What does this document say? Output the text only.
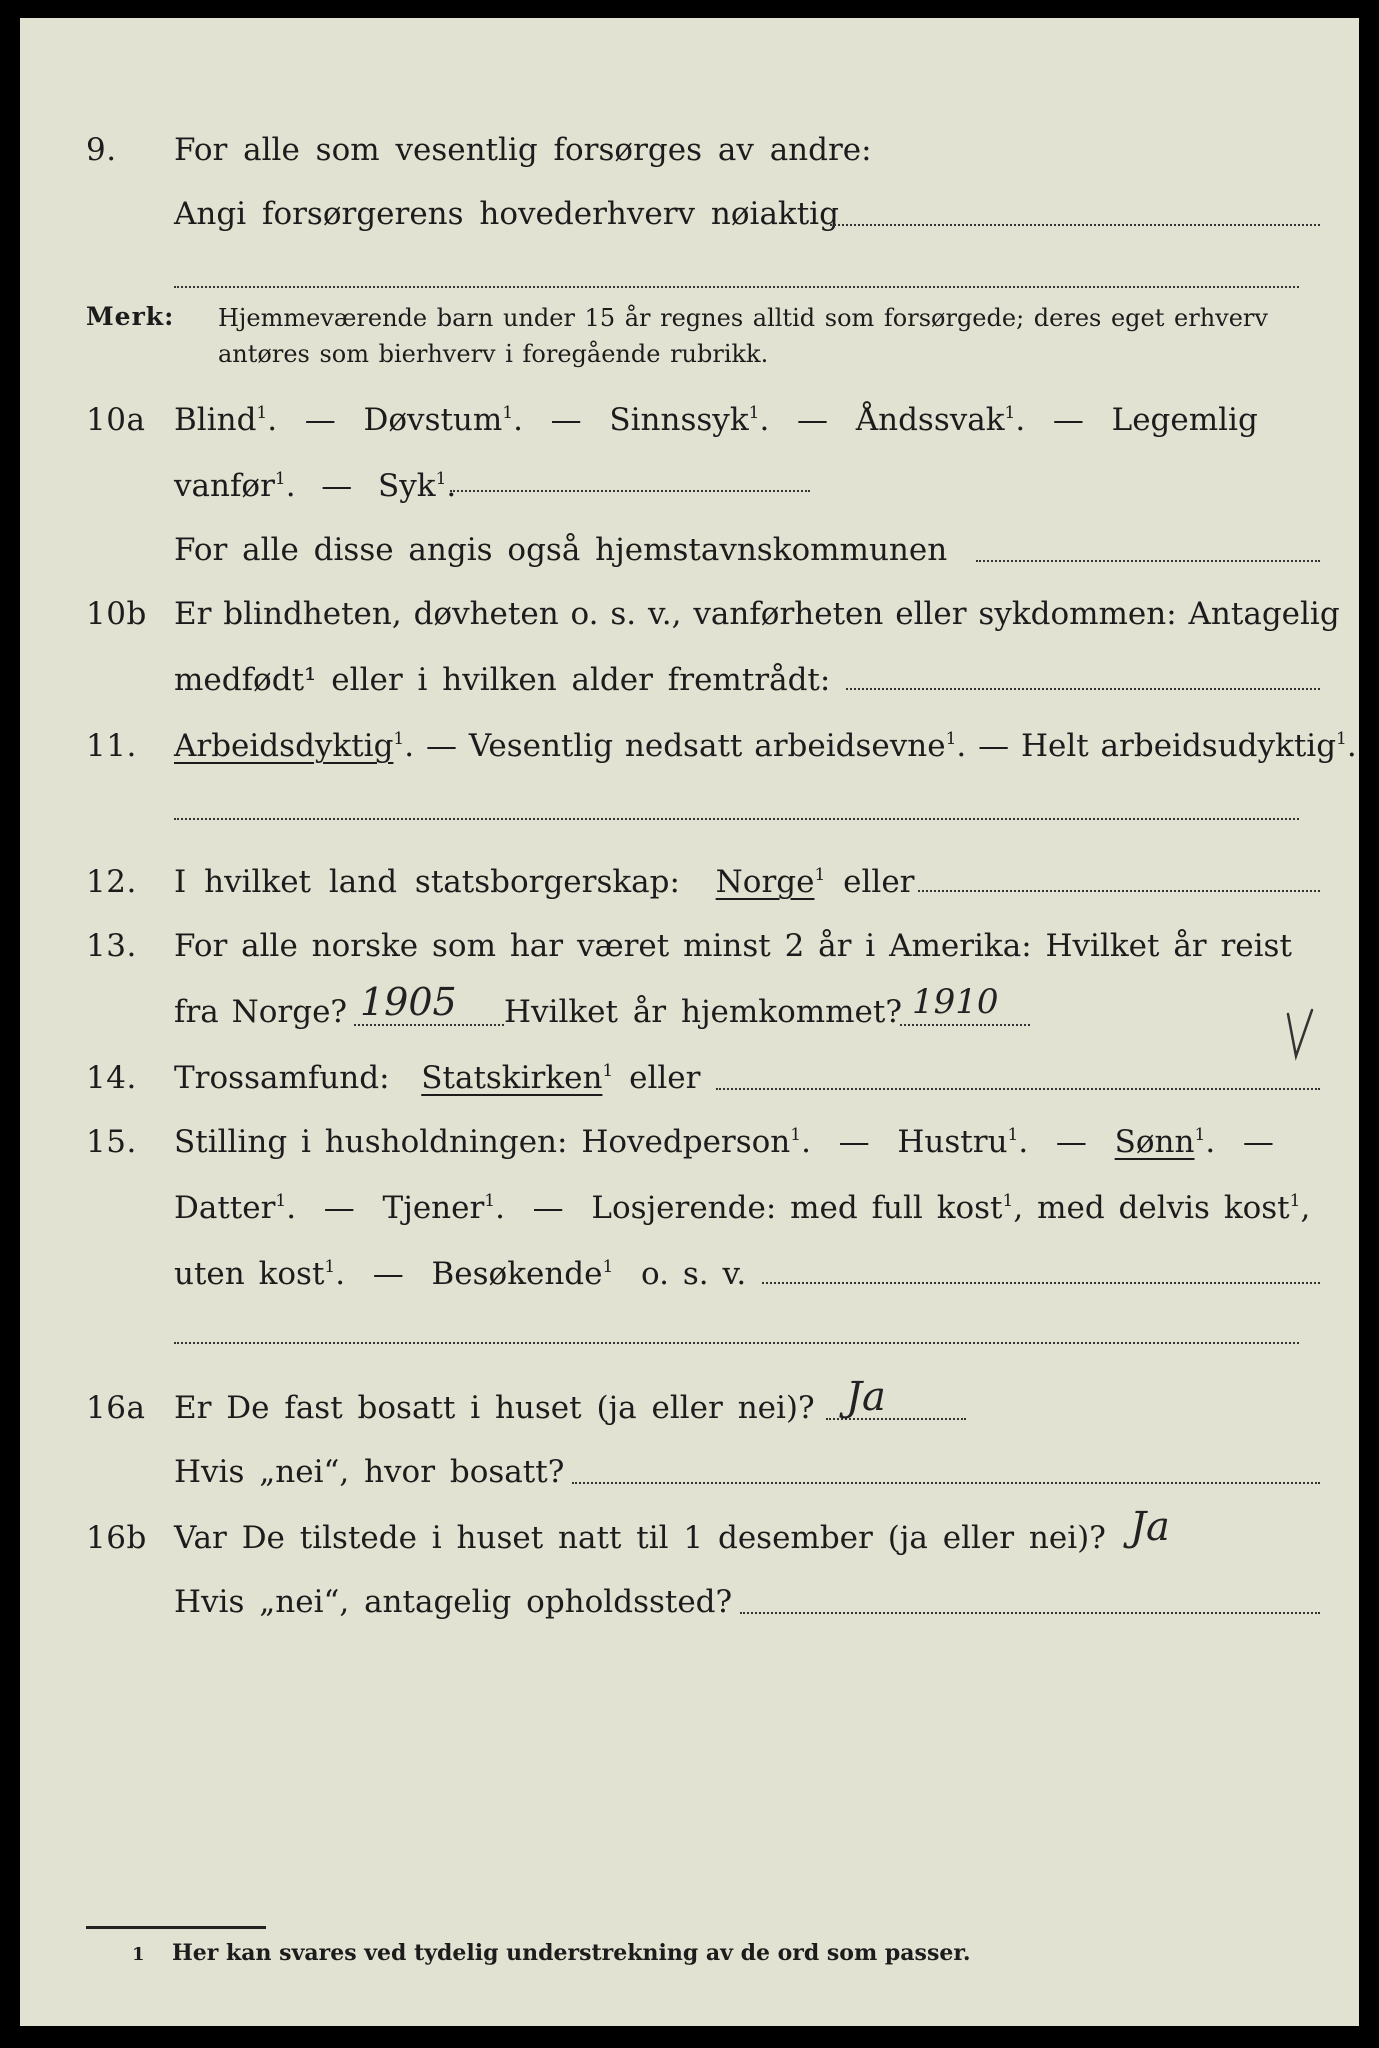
9. For alle som vesentlig forsørges av andre:
Angi forsørgerens hovederhverv nøiaktig
Merk: Hjemmeværende barn under 15 år regnes alltid som forsørgede; deres eget erhverv
antøres som bierhverv i foregående rubrikk.
10a Blind$^1$.  —  Døvstum$^1$.  —  Sinnssyk$^1$.  —  Åndssvak$^1$.  —  Legemlig
vanfør$^1$.  —  Syk$^1$.
For alle disse angis også hjemstavnskommunen
10b Er blindheten, døvheten o. s. v., vanførheten eller sykdommen: Antagelig
medfødt¹ eller i hvilken alder fremtrådt:
11. Arbeidsdyktig$^1$. — Vesentlig nedsatt arbeidsevne$^1$. — Helt arbeidsudyktig$^1$.
12. I hvilket land statsborgerskap: Norge$^1$ eller
13. For alle norske som har været minst 2 år i Amerika: Hvilket år reist
fra Norge? 1905 Hvilket år hjemkommet? 1910
14. Trossamfund: Statskirken$^1$ eller
15. Stilling i husholdningen: Hovedperson$^1$.  —  Hustru$^1$.  —  Sønn$^1$.  —
Datter$^1$.  —  Tjener$^1$.  —  Losjerende: med full kost$^1$, med delvis kost$^1$,
uten kost$^1$.  —  Besøkende$^1$ o. s. v.
16a Er De fast bosatt i huset (ja eller nei)? Ja
Hvis „nei“, hvor bosatt?
16b Var De tilstede i huset natt til 1 desember (ja eller nei)? Ja
Hvis „nei“, antagelig opholdssted?
1 Her kan svares ved tydelig understrekning av de ord som passer.
